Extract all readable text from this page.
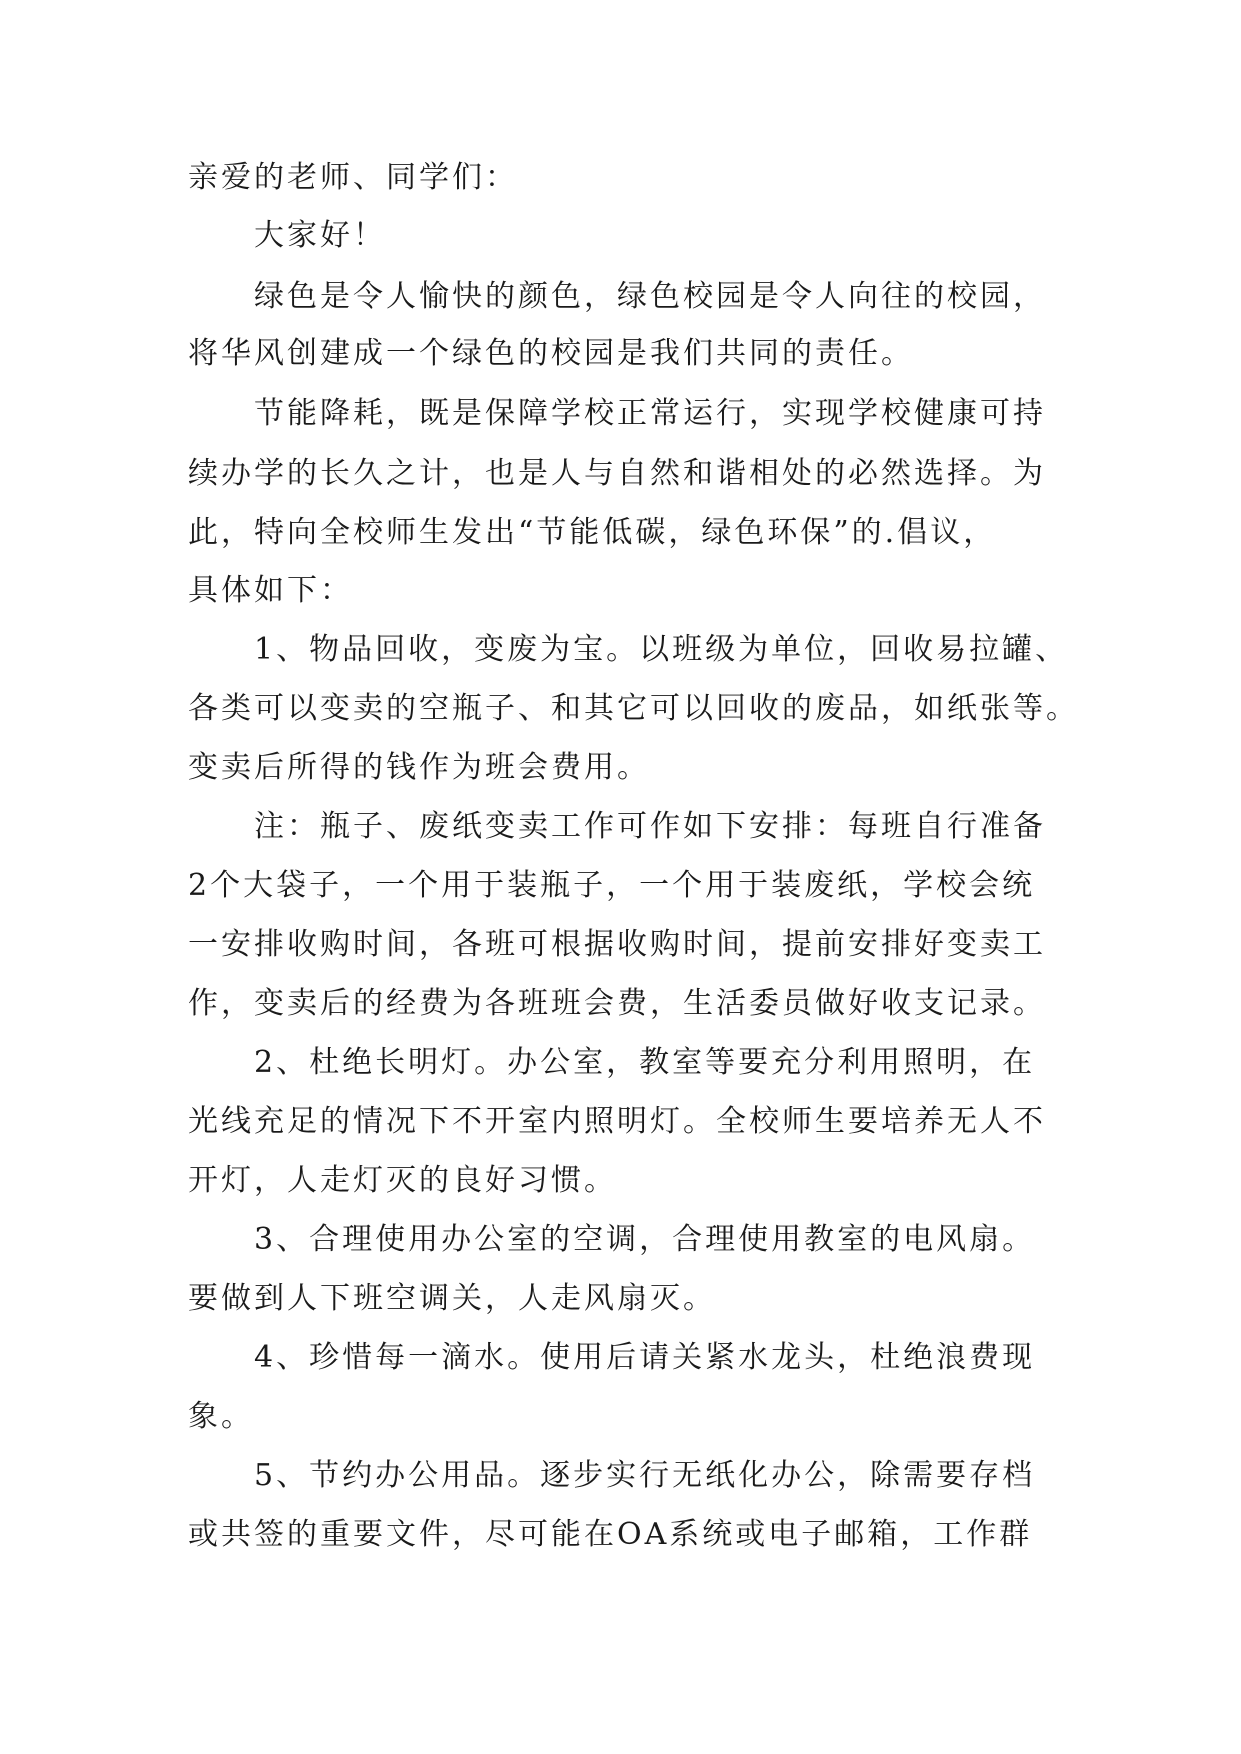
亲爱的老师、同学们：
大家好！
绿色是令人愉快的颜色，绿色校园是令人向往的校园，
将华风创建成一个绿色的校园是我们共同的责任。
节能降耗，既是保障学校正常运行，实现学校健康可持
续办学的长久之计，也是人与自然和谐相处的必然选择。为
此，特向全校师生发出“节能低碳，绿色环保”的.倡议，
具体如下：
1、物品回收，变废为宝。以班级为单位，回收易拉罐、
各类可以变卖的空瓶子、和其它可以回收的废品，如纸张等。
变卖后所得的钱作为班会费用。
注：瓶子、废纸变卖工作可作如下安排：每班自行准备
2个大袋子，一个用于装瓶子，一个用于装废纸，学校会统
一安排收购时间，各班可根据收购时间，提前安排好变卖工
作，变卖后的经费为各班班会费，生活委员做好收支记录。
2、杜绝长明灯。办公室，教室等要充分利用照明，在
光线充足的情况下不开室内照明灯。全校师生要培养无人不
开灯，人走灯灭的良好习惯。
3、合理使用办公室的空调，合理使用教室的电风扇。
要做到人下班空调关，人走风扇灭。
4、珍惜每一滴水。使用后请关紧水龙头，杜绝浪费现
象。
5、节约办公用品。逐步实行无纸化办公，除需要存档
或共签的重要文件，尽可能在OA系统或电子邮箱，工作群
